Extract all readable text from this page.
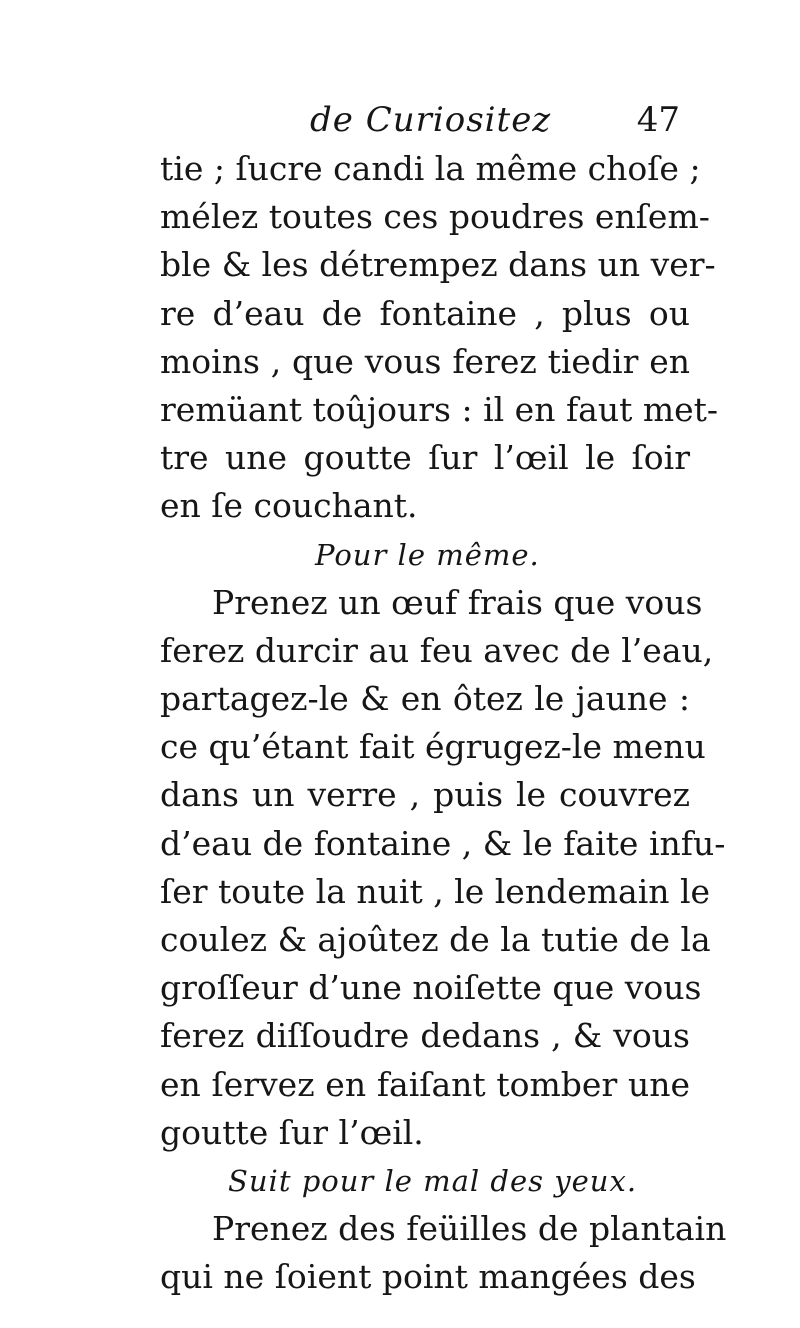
de Curiositez	47
tie ; ſucre candi la même choſe ;
mélez toutes ces poudres enſem-
ble & les détrempez dans un ver-
re d’eau de fontaine , plus ou
moins , que vous ferez tiedir en
remüant toûjours : il en faut met-
tre une goutte ſur l’œil le ſoir
en ſe couchant.
Pour le même.
Prenez un œuf frais que vous
ferez durcir au feu avec de l’eau,
partagez-le & en ôtez le jaune :
ce qu’étant fait égrugez-le menu
dans un verre , puis le couvrez
d’eau de fontaine , & le faite infu-
ſer toute la nuit , le lendemain le
coulez & ajoûtez de la tutie de la
groſſeur d’une noiſette que vous
ferez diſſoudre dedans , & vous
en ſervez en faiſant tomber une
goutte ſur l’œil.
Suit pour le mal des yeux.
Prenez des feüilles de plantain
qui ne ſoient point mangées des
